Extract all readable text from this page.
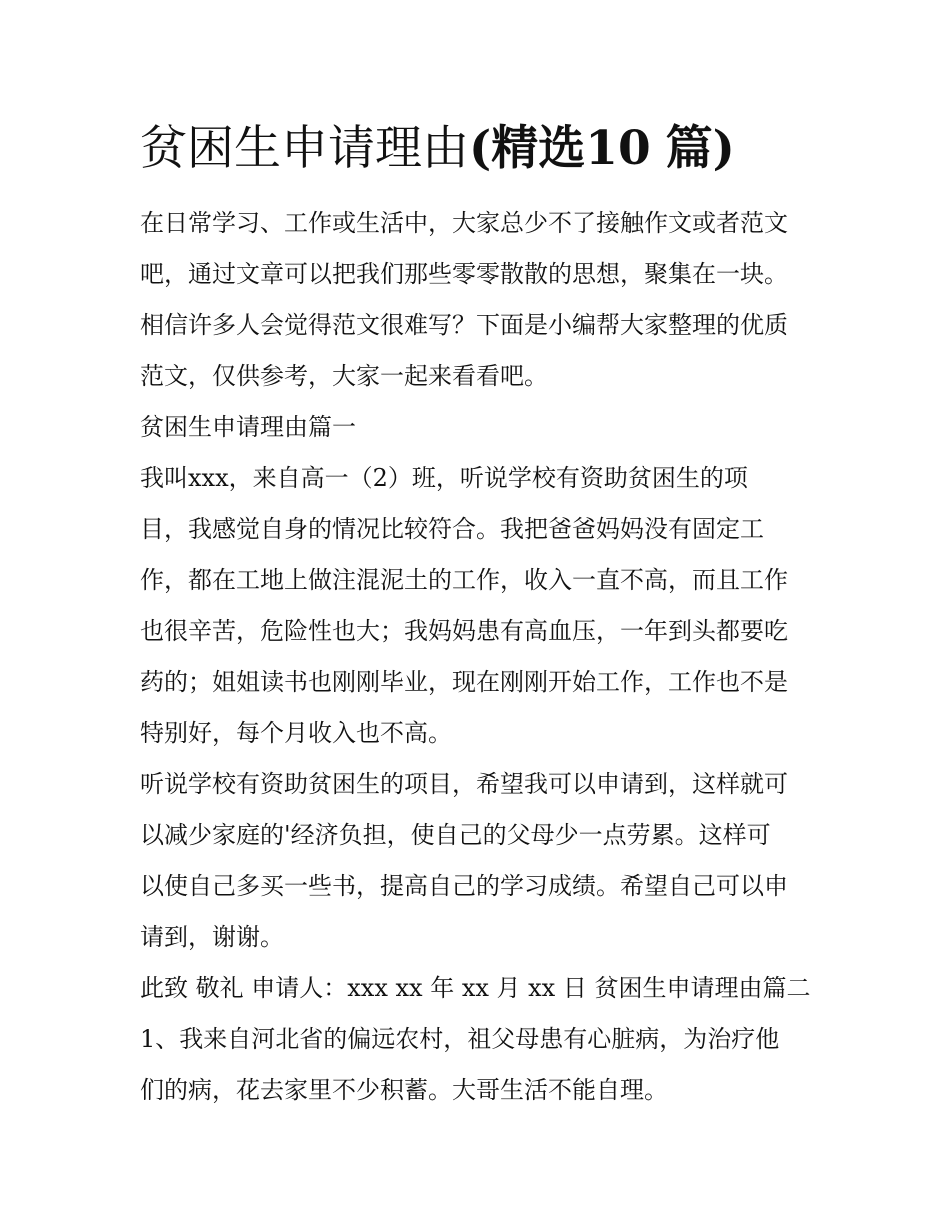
贫困生申请理由(精选10 篇)

在日常学习、工作或生活中，大家总少不了接触作文或者范文
吧，通过文章可以把我们那些零零散散的思想，聚集在一块。
相信许多人会觉得范文很难写？下面是小编帮大家整理的优质
范文，仅供参考，大家一起来看看吧。

贫困生申请理由篇一

我叫xxx，来自高一（2）班，听说学校有资助贫困生的项
目，我感觉自身的情况比较符合。我把爸爸妈妈没有固定工
作，都在工地上做注混泥土的工作，收入一直不高，而且工作
也很辛苦，危险性也大；我妈妈患有高血压，一年到头都要吃
药的；姐姐读书也刚刚毕业，现在刚刚开始工作，工作也不是
特别好，每个月收入也不高。

听说学校有资助贫困生的项目，希望我可以申请到，这样就可
以减少家庭的'经济负担，使自己的父母少一点劳累。这样可
以使自己多买一些书，提高自己的学习成绩。希望自己可以申
请到，谢谢。

此致 敬礼 申请人：xxx xx 年 xx 月 xx 日 贫困生申请理由篇二

1、我来自河北省的偏远农村，祖父母患有心脏病，为治疗他
们的病，花去家里不少积蓄。大哥生活不能自理。
